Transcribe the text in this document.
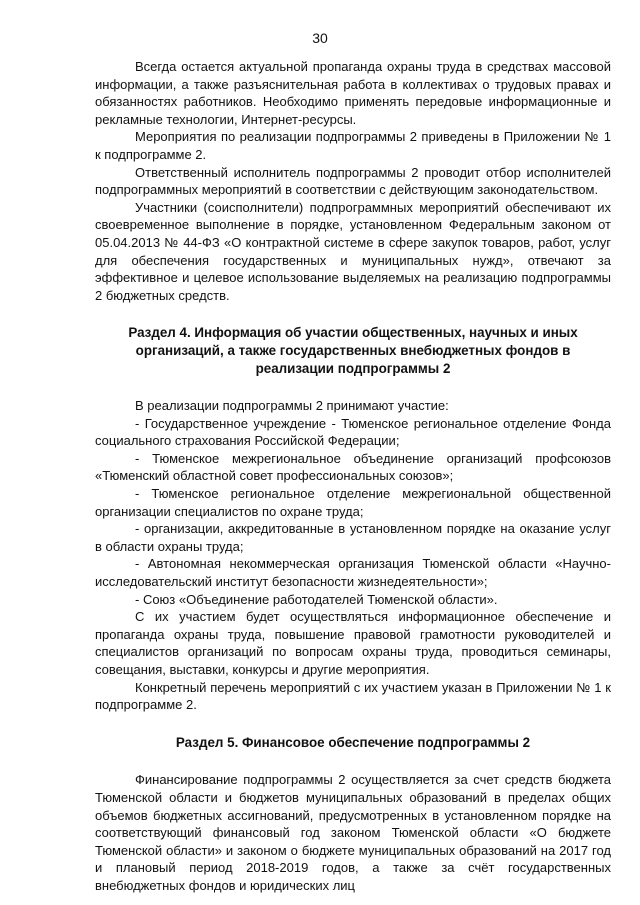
30

Всегда остается актуальной пропаганда охраны труда в средствах массовой информации, а также разъяснительная работа в коллективах о трудовых правах и обязанностях работников. Необходимо применять передовые информационные и рекламные технологии, Интернет-ресурсы.

Мероприятия по реализации подпрограммы 2 приведены в Приложении № 1 к подпрограмме 2.

Ответственный исполнитель подпрограммы 2 проводит отбор исполнителей подпрограммных мероприятий в соответствии с действующим законодательством.

Участники (соисполнители) подпрограммных мероприятий обеспечивают их своевременное выполнение в порядке, установленном Федеральным законом от 05.04.2013 № 44-ФЗ «О контрактной системе в сфере закупок товаров, работ, услуг для обеспечения государственных и муниципальных нужд», отвечают за эффективное и целевое использование выделяемых на реализацию подпрограммы 2 бюджетных средств.

Раздел 4. Информация об участии общественных, научных и иных организаций, а также государственных внебюджетных фондов в реализации подпрограммы 2

В реализации подпрограммы 2 принимают участие:

- Государственное учреждение - Тюменское региональное отделение Фонда социального страхования Российской Федерации;

- Тюменское межрегиональное объединение организаций профсоюзов «Тюменский областной совет профессиональных союзов»;

- Тюменское региональное отделение межрегиональной общественной организации специалистов по охране труда;

- организации, аккредитованные в установленном порядке на оказание услуг в области охраны труда;

- Автономная некоммерческая организация Тюменской области «Научно-исследовательский институт безопасности жизнедеятельности»;

- Союз «Объединение работодателей Тюменской области».

С их участием будет осуществляться информационное обеспечение и пропаганда охраны труда, повышение правовой грамотности руководителей и специалистов организаций по вопросам охраны труда, проводиться семинары, совещания, выставки, конкурсы и другие мероприятия.

Конкретный перечень мероприятий с их участием указан в Приложении № 1 к подпрограмме 2.

Раздел 5. Финансовое обеспечение подпрограммы 2

Финансирование подпрограммы 2 осуществляется за счет средств бюджета Тюменской области и бюджетов муниципальных образований в пределах общих объемов бюджетных ассигнований, предусмотренных в установленном порядке на соответствующий финансовый год законом Тюменской области «О бюджете Тюменской области» и законом о бюджете муниципальных образований на 2017 год и плановый период 2018-2019 годов, а также за счёт государственных внебюджетных фондов и юридических лиц
